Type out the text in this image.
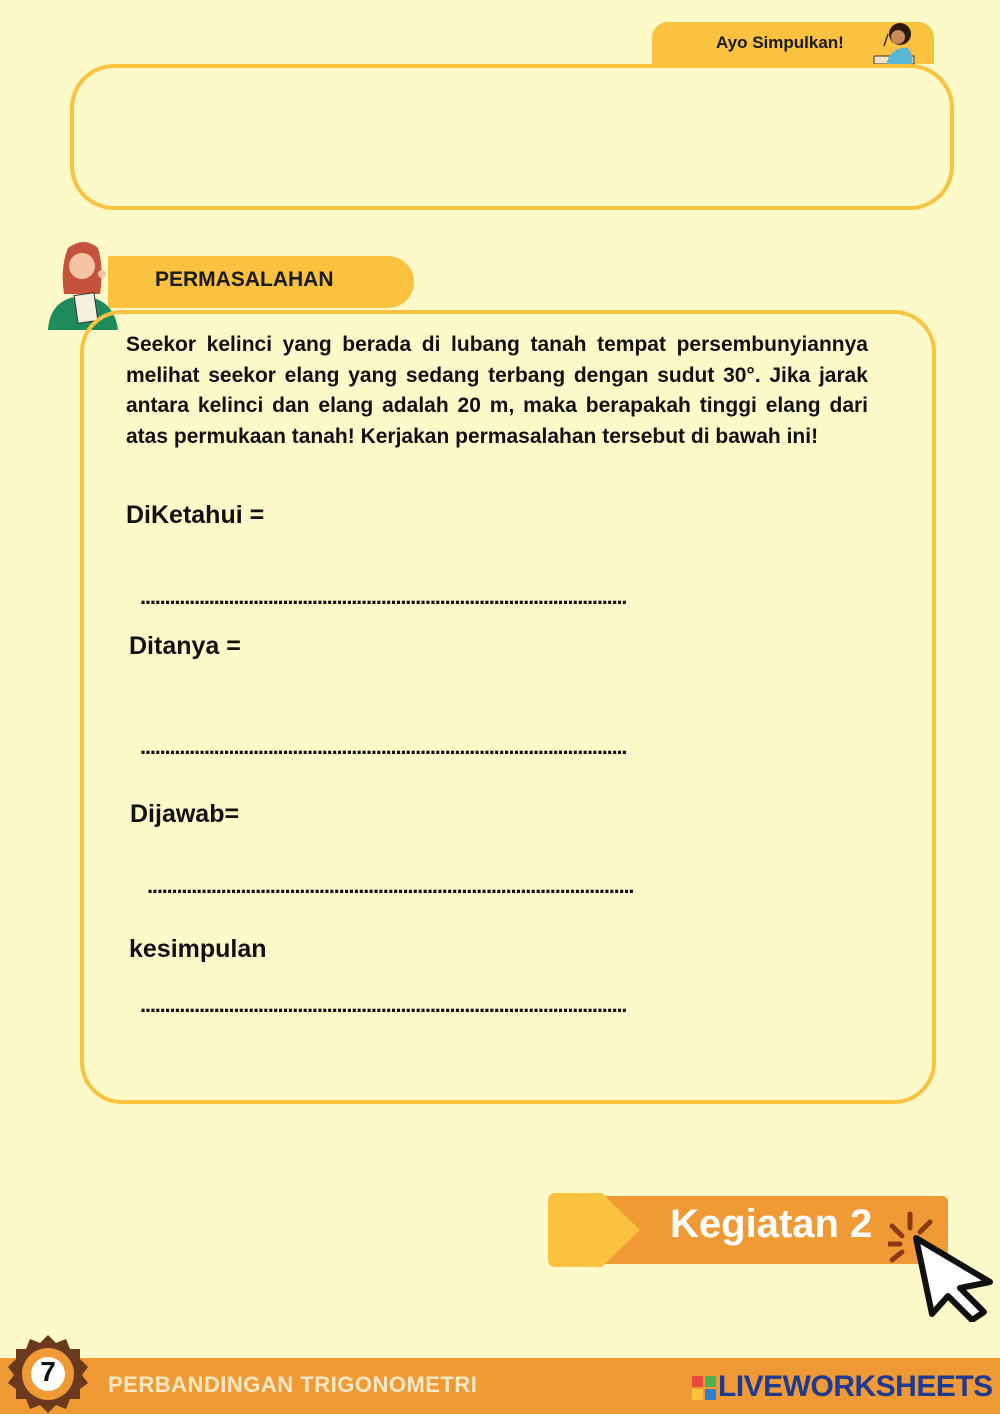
Ayo Simpulkan!
PERMASALAHAN
Seekor kelinci yang berada di lubang tanah tempat persembunyiannya melihat seekor elang yang sedang terbang dengan sudut 30°. Jika jarak antara kelinci dan elang adalah 20 m, maka berapakah tinggi elang dari atas permukaan tanah! Kerjakan permasalahan tersebut di bawah ini!
DiKetahui =
...................................................................................................
Ditanya =
...................................................................................................
Dijawab=
...................................................................................................
kesimpulan
...................................................................................................
Kegiatan 2
7	PERBANDINGAN TRIGONOMETRI	LIVEWORKSHEETS
